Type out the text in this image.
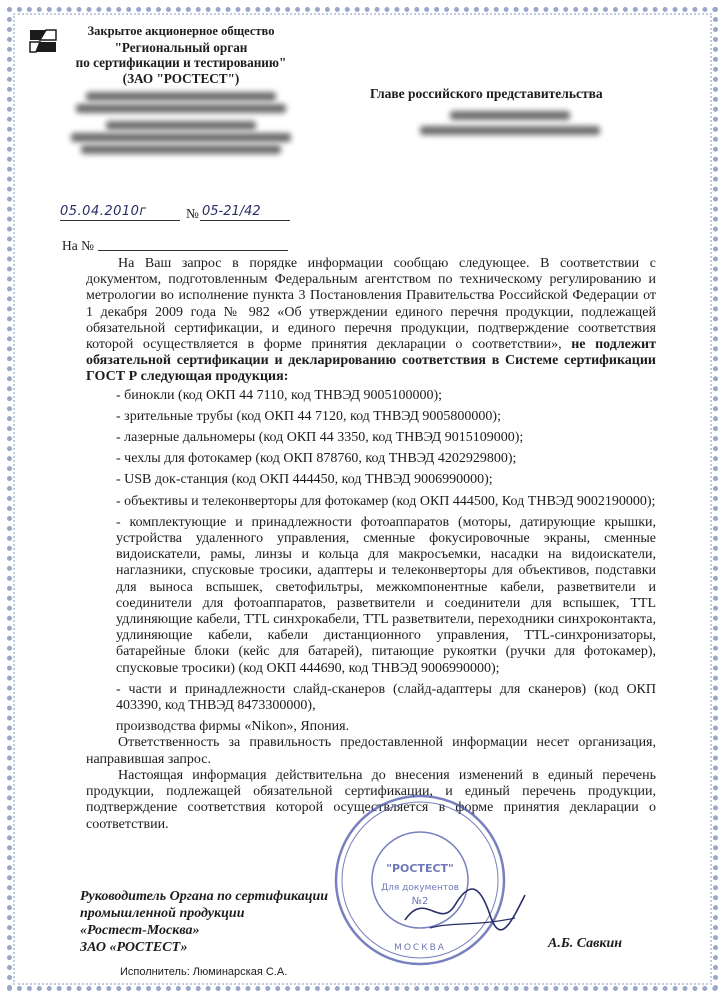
Закрытое акционерное общество
"Региональный орган
по сертификации и тестированию"
(ЗАО "РОСТЕСТ")
Главе российского представительства
05.04.2010г	№ 05-21/42
На №

На Ваш запрос в порядке информации сообщаю следующее. В соответствии с документом, подготовленным Федеральным агентством по техническому регулированию и метрологии во исполнение пункта 3 Постановления Правительства Российской Федерации от 1 декабря 2009 года № 982 «Об утверждении единого перечня продукции, подлежащей обязательной сертификации, и единого перечня продукции, подтверждение соответствия которой осуществляется в форме принятия декларации о соответствии», не подлежит обязательной сертификации и декларированию соответствия в Системе сертификации ГОСТ Р следующая продукция:

- бинокли (код ОКП 44 7110, код ТНВЭД 9005100000);

- зрительные трубы (код ОКП 44 7120, код ТНВЭД 9005800000);

- лазерные дальномеры (код ОКП 44 3350, код ТНВЭД 9015109000);

- чехлы для фотокамер (код ОКП 878760, код ТНВЭД 4202929800);

- USB док-станция (код ОКП 444450, код ТНВЭД 9006990000);

- объективы и телеконверторы для фотокамер (код ОКП 444500, Код ТНВЭД 9002190000);

- комплектующие и принадлежности фотоаппаратов (моторы, датирующие крышки, устройства удаленного управления, сменные фокусировочные экраны, сменные видоискатели, рамы, линзы и кольца для макросъемки, насадки на видоискатели, наглазники, спусковые тросики, адаптеры и телеконверторы для объективов, подставки для выноса вспышек, светофильтры, межкомпонентные кабели, разветвители и соединители для фотоаппаратов, разветвители и соединители для вспышек, TTL удлиняющие кабели, TTL синхрокабели, TTL разветвители, переходники синхроконтакта, удлиняющие кабели, кабели дистанционного управления, TTL-синхронизаторы, батарейные блоки (кейс для батарей), питающие рукоятки (ручки для фотокамер), спусковые тросики) (код ОКП 444690, код ТНВЭД 9006990000);

- части и принадлежности слайд-сканеров (слайд-адаптеры для сканеров) (код ОКП 403390, код ТНВЭД 8473300000),

производства фирмы «Nikon», Япония.

Ответственность за правильность предоставленной информации несет организация, направившая запрос.

Настоящая информация действительна до внесения изменений в единый перечень продукции, подлежащей обязательной сертификации, и единый перечень продукции, подтверждение соответствия которой осуществляется в форме принятия декларации о соответствии.

"РОСТЕСТ"
Для документов
№2
МОСКВА
Руководитель Органа по сертификации
промышленной продукции
«Ростест-Москва»
ЗАО «РОСТЕСТ»	А.Б. Савкин
Исполнитель: Люминарская С.А.
